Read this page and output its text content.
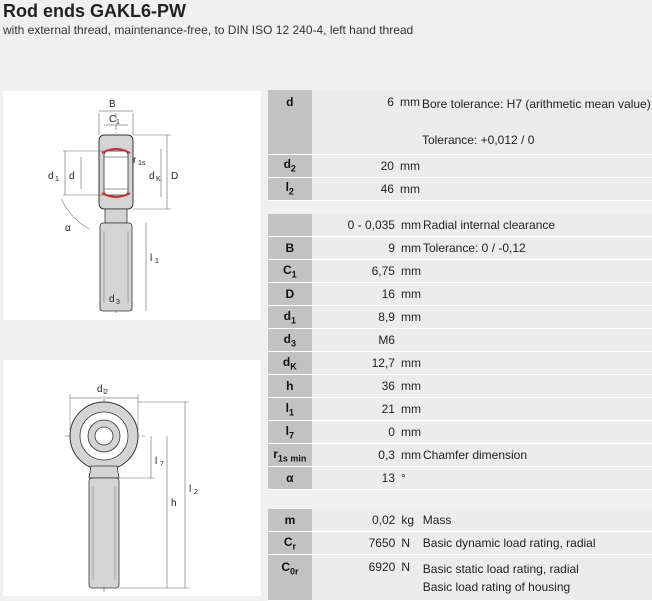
Rod ends GAKL6-PW
with external thread, maintenance-free, to DIN ISO 12 240-4, left hand thread
B
C 1
d 1 d
r 1s
d K D
α
l 1
d 3
d 2
l 7
h
l 2
d	6	mm	Bore tolerance: H7 (arithmetic mean value)

Tolerance: +0,012 / 0

$d_2$	20	mm	
$l_2$	46	mm	
	0 - 0,035	mm	Radial internal clearance

B	9	mm	Tolerance: 0 / -0,12

$C_1$	6,75	mm	
D	16	mm	
$d_1$	8,9	mm	
$d_3$	M6		
$d_K$	12,7	mm	
h	36	mm	
$l_1$	21	mm	
$l_7$	0	mm	
$r_{1s min}$	0,3	mm	Chamfer dimension

α	13	°	
m	0,02	kg	Mass

$C_r$	7650	N	Basic dynamic load rating, radial

$C_{0r}$	6920	N	Basic static load rating, radial
Basic load rating of housing
